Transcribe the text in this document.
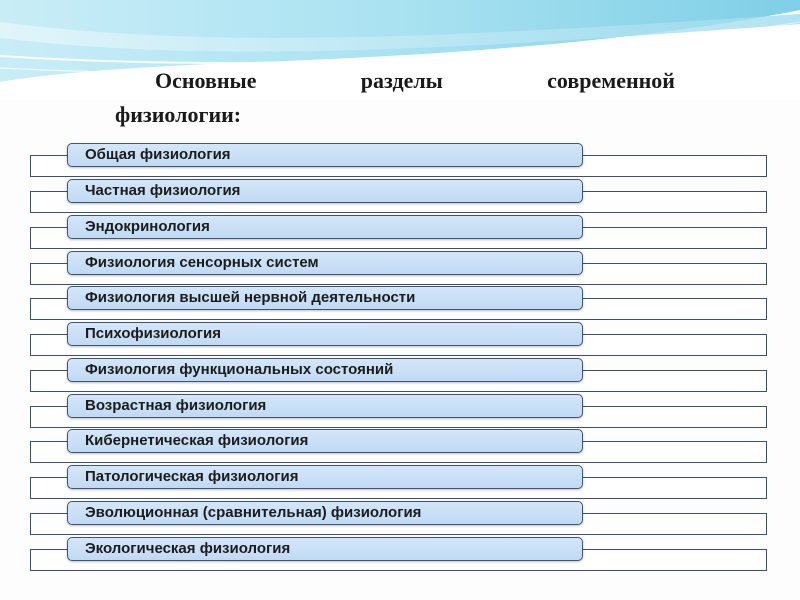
Основные	разделы	современной
физиологии:
Общая физиология
Частная физиология
Эндокринология
Физиология сенсорных систем
Физиология высшей нервной деятельности
Психофизиология
Физиология функциональных состояний
Возрастная физиология
Кибернетическая физиология
Патологическая физиология
Эволюционная (сравнительная) физиология
Экологическая физиология
